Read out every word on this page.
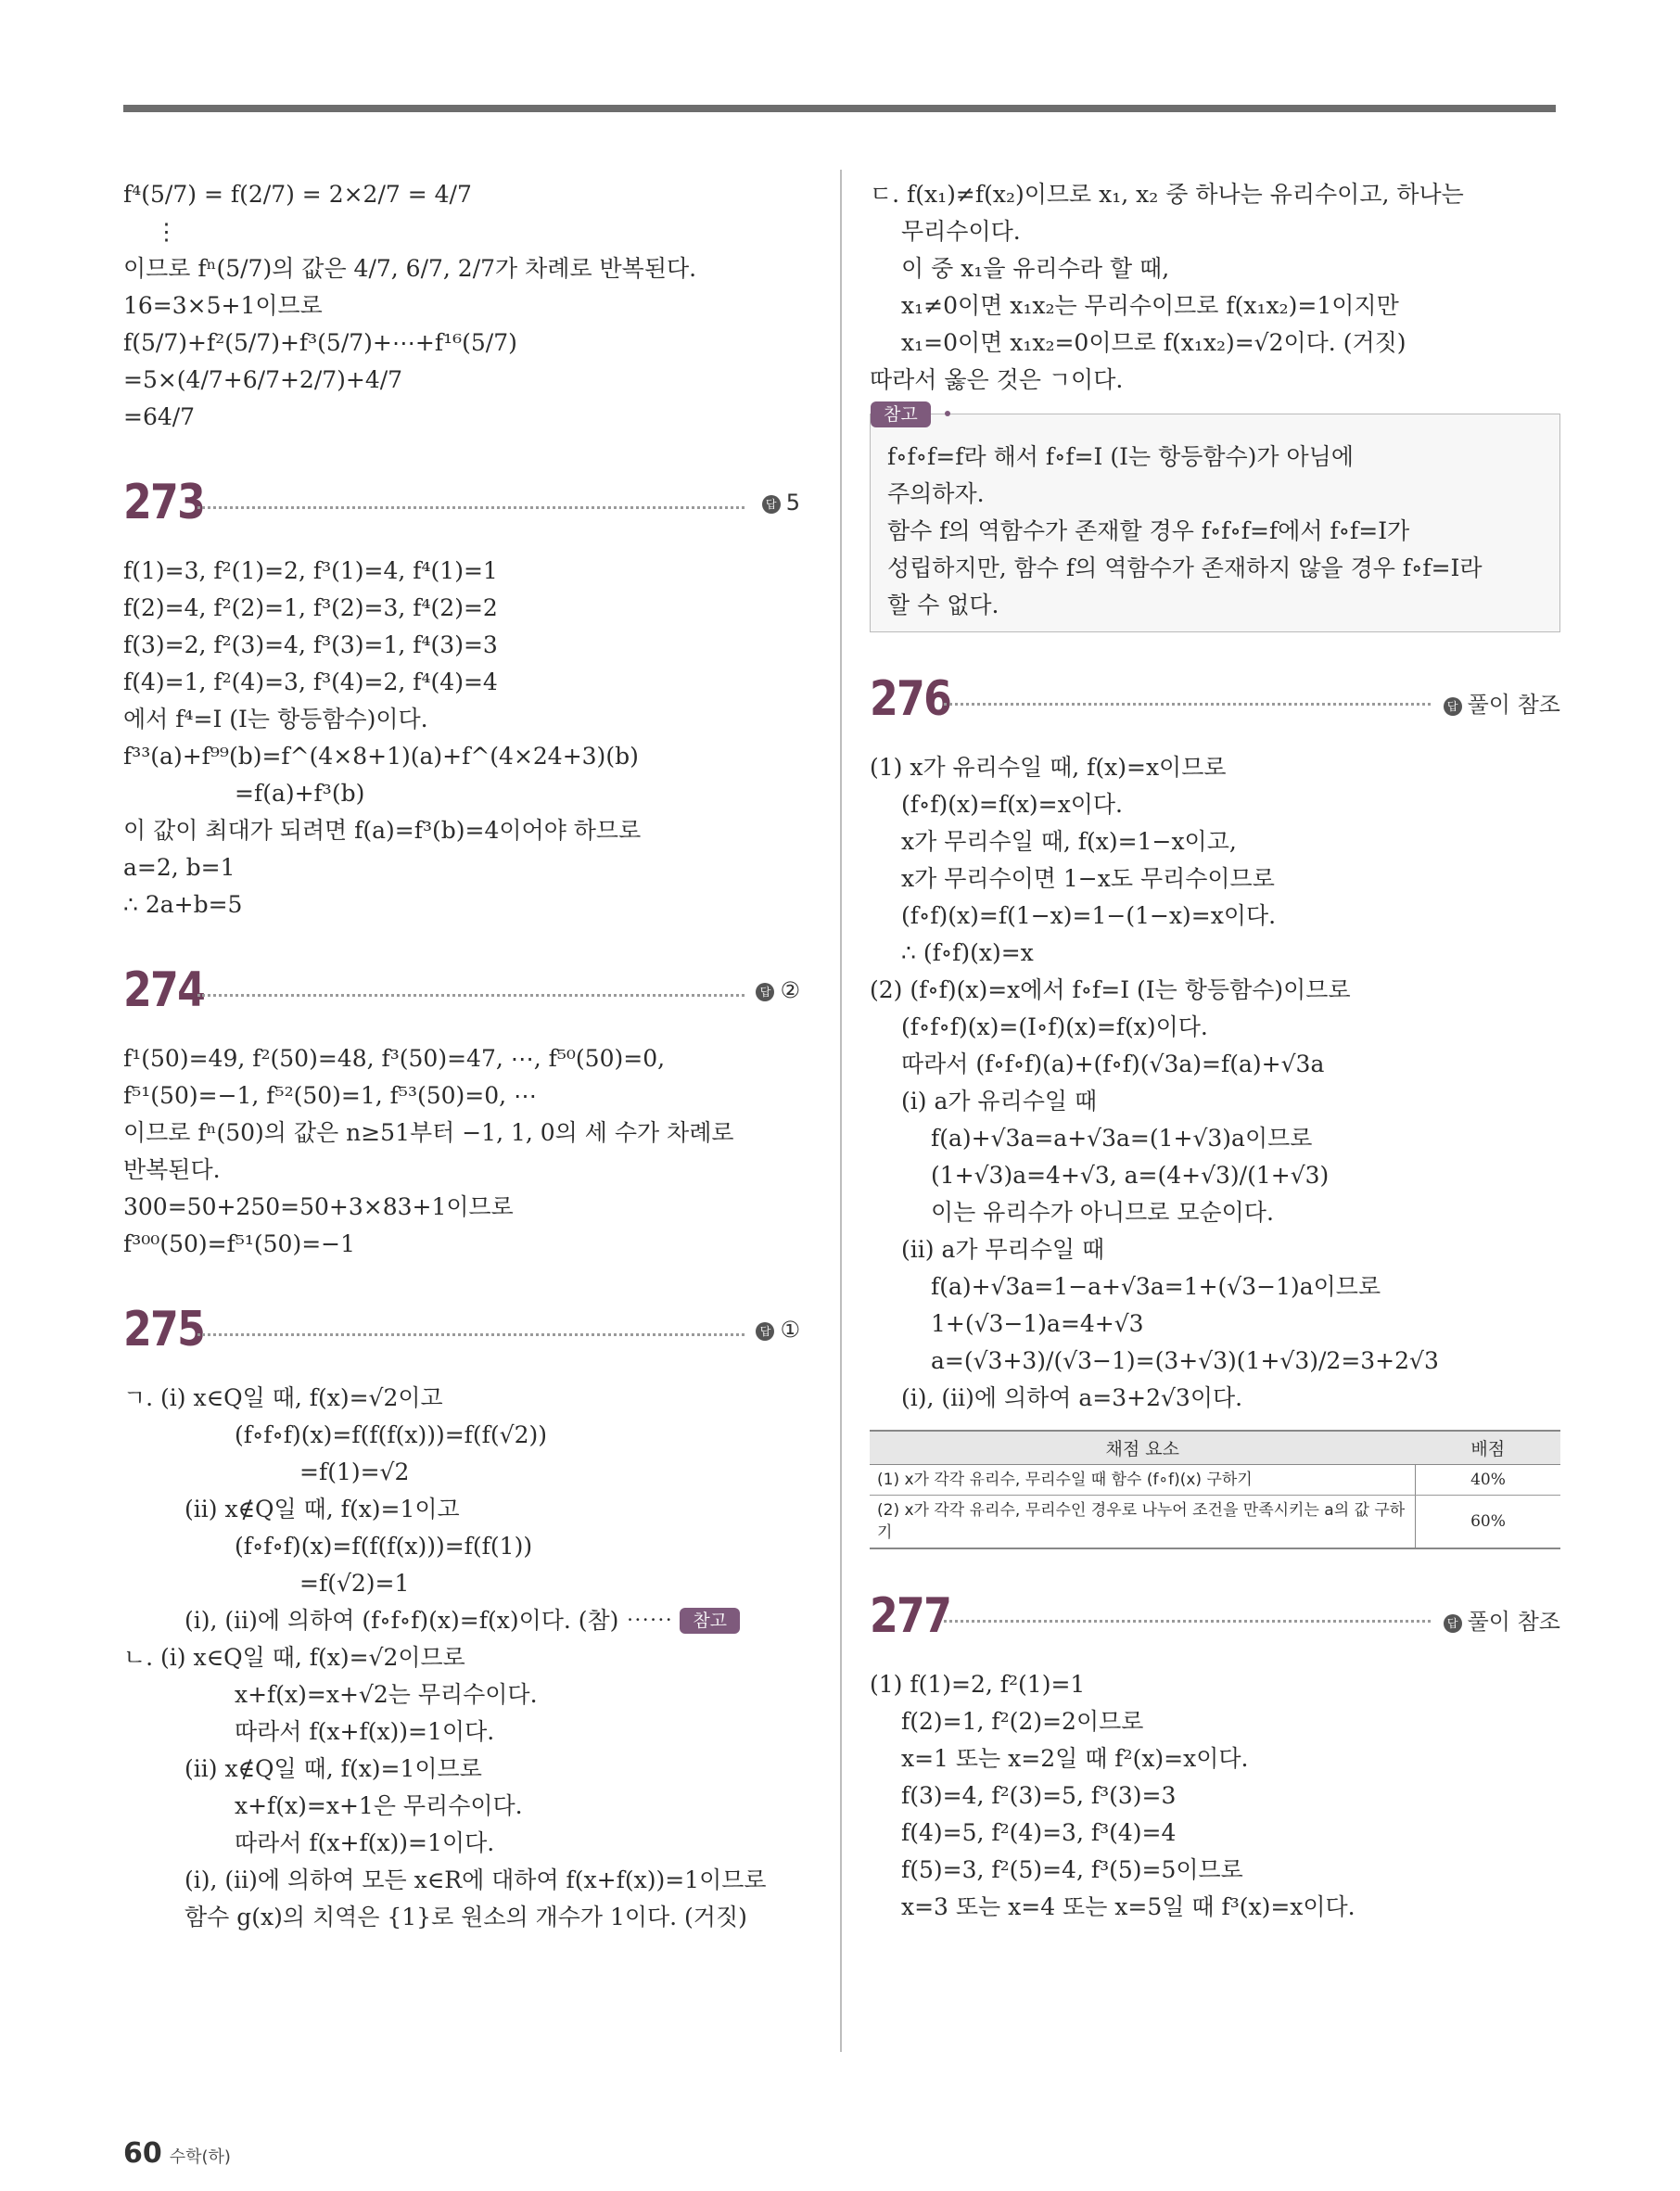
f⁴(5/7) = f(2/7) = 2×2/7 = 4/7
⋮
이므로 fⁿ(5/7)의 값은 4/7, 6/7, 2/7가 차례로 반복된다.
16=3×5+1이므로
f(5/7)+f²(5/7)+f³(5/7)+⋯+f¹⁶(5/7)
=5×(4/7+6/7+2/7)+4/7
=64/7
273	답 5
f(1)=3, f²(1)=2, f³(1)=4, f⁴(1)=1
f(2)=4, f²(2)=1, f³(2)=3, f⁴(2)=2
f(3)=2, f²(3)=4, f³(3)=1, f⁴(3)=3
f(4)=1, f²(4)=3, f³(4)=2, f⁴(4)=4
에서 f⁴=I (I는 항등함수)이다.
f³³(a)+f⁹⁹(b)=f^(4×8+1)(a)+f^(4×24+3)(b)
=f(a)+f³(b)
이 값이 최대가 되려면 f(a)=f³(b)=4이어야 하므로
a=2, b=1
∴ 2a+b=5
274	답 ②
f¹(50)=49, f²(50)=48, f³(50)=47, ⋯, f⁵⁰(50)=0,
f⁵¹(50)=−1, f⁵²(50)=1, f⁵³(50)=0, ⋯
이므로 fⁿ(50)의 값은 n≥51부터 −1, 1, 0의 세 수가 차례로
반복된다.
300=50+250=50+3×83+1이므로
f³⁰⁰(50)=f⁵¹(50)=−1
275	답 ①
ㄱ. (i) x∈Q일 때, f(x)=√2이고
(f∘f∘f)(x)=f(f(f(x)))=f(f(√2))
=f(1)=√2
(ii) x∉Q일 때, f(x)=1이고
(f∘f∘f)(x)=f(f(f(x)))=f(f(1))
=f(√2)=1
(i), (ii)에 의하여 (f∘f∘f)(x)=f(x)이다. (참) ⋯⋯ 참고
ㄴ. (i) x∈Q일 때, f(x)=√2이므로
x+f(x)=x+√2는 무리수이다.
따라서 f(x+f(x))=1이다.
(ii) x∉Q일 때, f(x)=1이므로
x+f(x)=x+1은 무리수이다.
따라서 f(x+f(x))=1이다.
(i), (ii)에 의하여 모든 x∈R에 대하여 f(x+f(x))=1이므로
함수 g(x)의 치역은 {1}로 원소의 개수가 1이다. (거짓)
ㄷ. f(x₁)≠f(x₂)이므로 x₁, x₂ 중 하나는 유리수이고, 하나는
무리수이다.
이 중 x₁을 유리수라 할 때,
x₁≠0이면 x₁x₂는 무리수이므로 f(x₁x₂)=1이지만
x₁=0이면 x₁x₂=0이므로 f(x₁x₂)=√2이다. (거짓)
따라서 옳은 것은 ㄱ이다.
참고
f∘f∘f=f라 해서 f∘f=I (I는 항등함수)가 아님에
주의하자.
함수 f의 역함수가 존재할 경우 f∘f∘f=f에서 f∘f=I가
성립하지만, 함수 f의 역함수가 존재하지 않을 경우 f∘f=I라
할 수 없다.
276	답 풀이 참조
(1) x가 유리수일 때, f(x)=x이므로
(f∘f)(x)=f(x)=x이다.
x가 무리수일 때, f(x)=1−x이고,
x가 무리수이면 1−x도 무리수이므로
(f∘f)(x)=f(1−x)=1−(1−x)=x이다.
∴ (f∘f)(x)=x
(2) (f∘f)(x)=x에서 f∘f=I (I는 항등함수)이므로
(f∘f∘f)(x)=(I∘f)(x)=f(x)이다.
따라서 (f∘f∘f)(a)+(f∘f)(√3a)=f(a)+√3a
(i) a가 유리수일 때
f(a)+√3a=a+√3a=(1+√3)a이므로
(1+√3)a=4+√3, a=(4+√3)/(1+√3)
이는 유리수가 아니므로 모순이다.
(ii) a가 무리수일 때
f(a)+√3a=1−a+√3a=1+(√3−1)a이므로
1+(√3−1)a=4+√3
a=(√3+3)/(√3−1)=(3+√3)(1+√3)/2=3+2√3
(i), (ii)에 의하여 a=3+2√3이다.
채점 요소	배점
(1) x가 각각 유리수, 무리수일 때 함수 (f∘f)(x) 구하기	40%
(2) x가 각각 유리수, 무리수인 경우로 나누어 조건을 만족시키는 a의 값 구하기	60%
277	답 풀이 참조
(1) f(1)=2, f²(1)=1
f(2)=1, f²(2)=2이므로
x=1 또는 x=2일 때 f²(x)=x이다.
f(3)=4, f²(3)=5, f³(3)=3
f(4)=5, f²(4)=3, f³(4)=4
f(5)=3, f²(5)=4, f³(5)=5이므로
x=3 또는 x=4 또는 x=5일 때 f³(x)=x이다.
60 수학(하)
